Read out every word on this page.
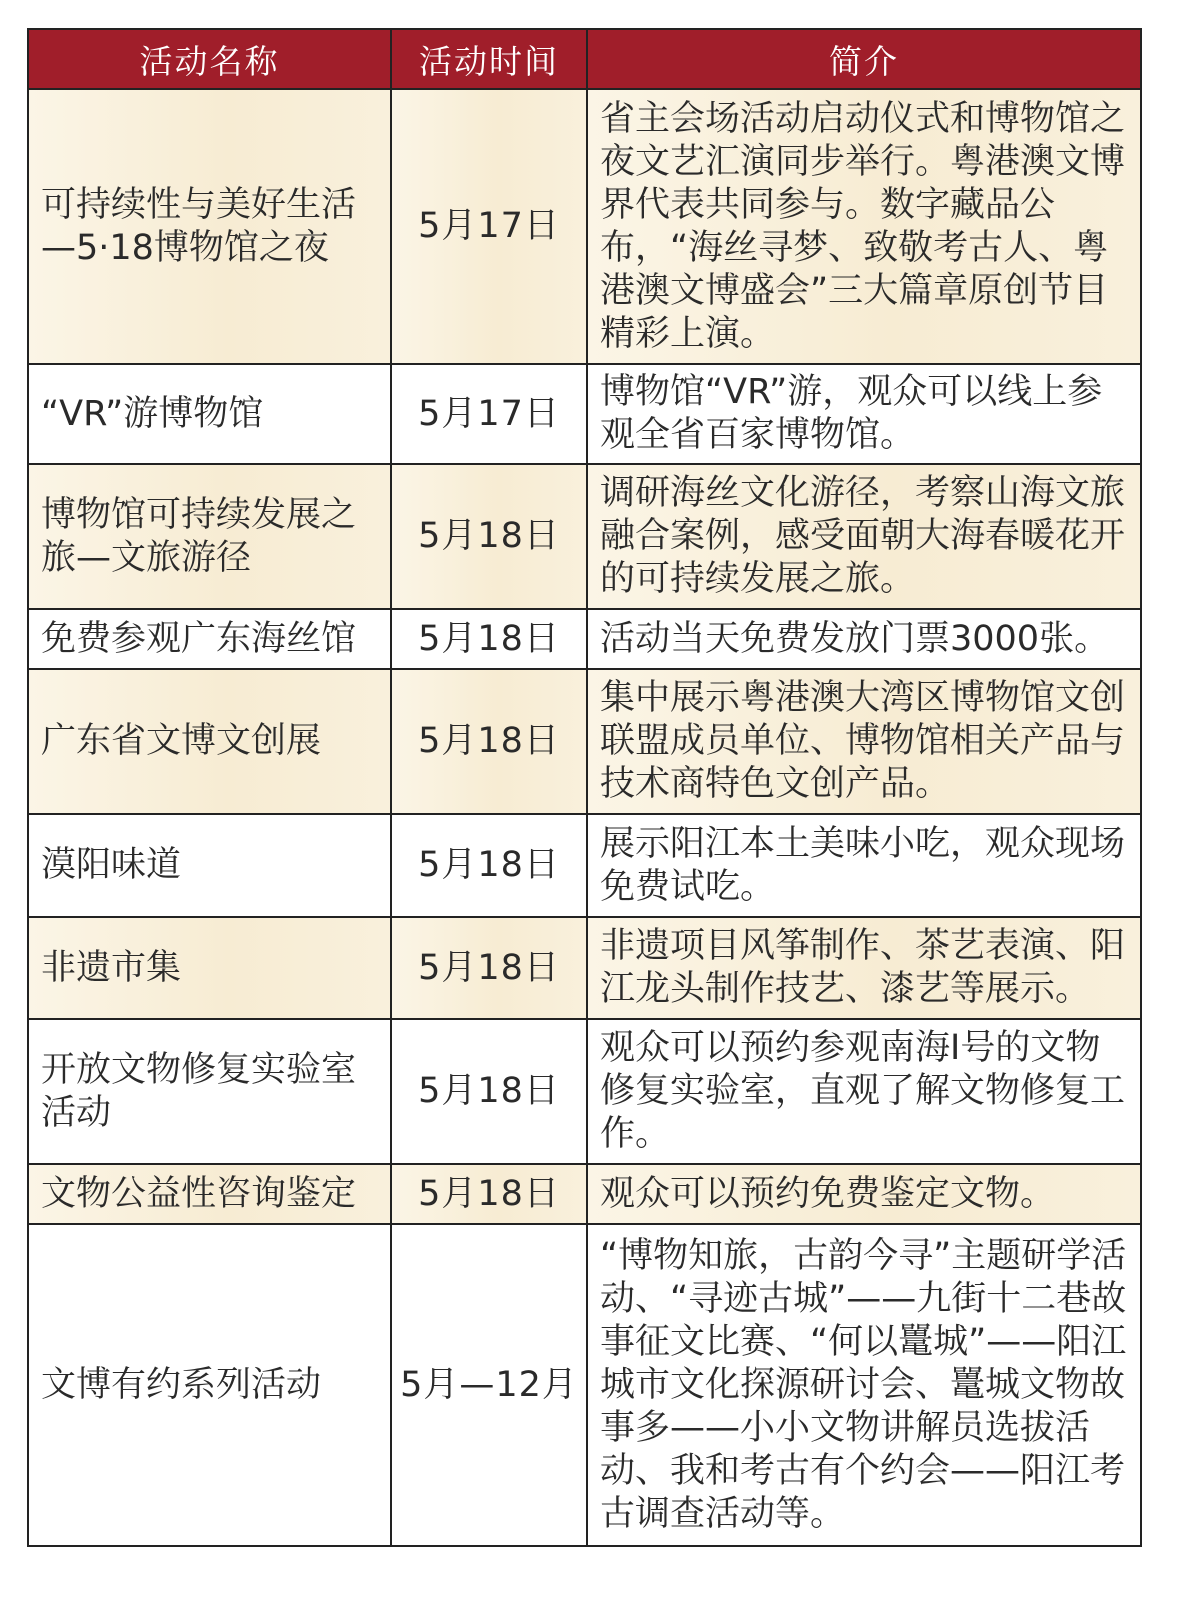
活动名称	活动时间	简介
可持续性与美好生活—5·18博物馆之夜	5月17日	省主会场活动启动仪式和博物馆之夜文艺汇演同步举行。粤港澳文博界代表共同参与。数字藏品公布，“海丝寻梦、致敬考古人、粤港澳文博盛会”三大篇章原创节目精彩上演。
“VR”游博物馆	5月17日	博物馆“VR”游，观众可以线上参观全省百家博物馆。
博物馆可持续发展之旅—文旅游径	5月18日	调研海丝文化游径，考察山海文旅融合案例，感受面朝大海春暖花开的可持续发展之旅。
免费参观广东海丝馆	5月18日	活动当天免费发放门票3000张。
广东省文博文创展	5月18日	集中展示粤港澳大湾区博物馆文创联盟成员单位、博物馆相关产品与技术商特色文创产品。
漠阳味道	5月18日	展示阳江本土美味小吃，观众现场免费试吃。
非遗市集	5月18日	非遗项目风筝制作、茶艺表演、阳江龙头制作技艺、漆艺等展示。
开放文物修复实验室活动	5月18日	观众可以预约参观南海Ⅰ号的文物修复实验室，直观了解文物修复工作。
文物公益性咨询鉴定	5月18日	观众可以预约免费鉴定文物。
文博有约系列活动	5月—12月	“博物知旅，古韵今寻”主题研学活动、“寻迹古城”——九街十二巷故事征文比赛、“何以鼍城”——阳江城市文化探源研讨会、鼍城文物故事多——小小文物讲解员选拔活动、我和考古有个约会——阳江考古调查活动等。
